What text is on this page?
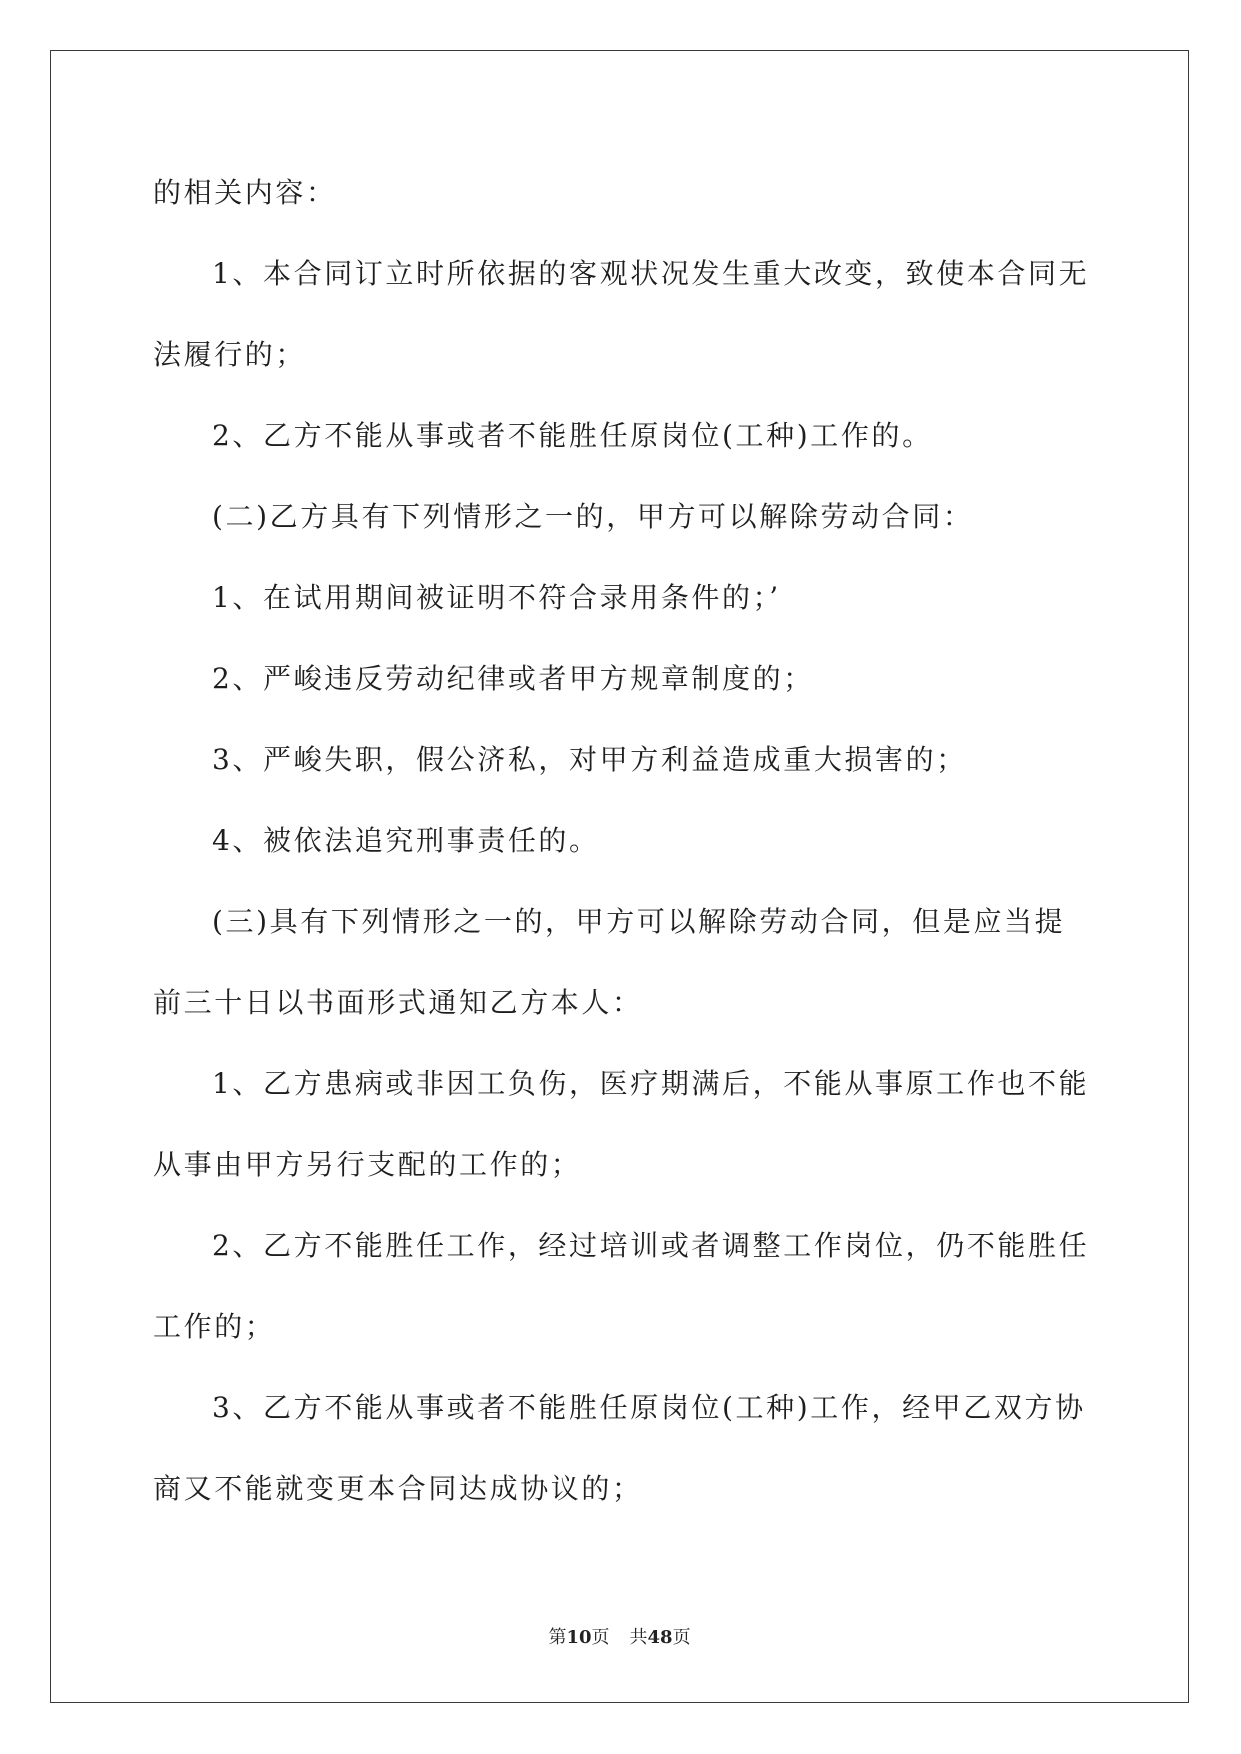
的相关内容：
1、本合同订立时所依据的客观状况发生重大改变，致使本合同无
法履行的；
2、乙方不能从事或者不能胜任原岗位(工种)工作的。
(二)乙方具有下列情形之一的，甲方可以解除劳动合同：
1、在试用期间被证明不符合录用条件的；’
2、严峻违反劳动纪律或者甲方规章制度的；
3、严峻失职，假公济私，对甲方利益造成重大损害的；
4、被依法追究刑事责任的。
(三)具有下列情形之一的，甲方可以解除劳动合同，但是应当提
前三十日以书面形式通知乙方本人：
1、乙方患病或非因工负伤，医疗期满后，不能从事原工作也不能
从事由甲方另行支配的工作的；
2、乙方不能胜任工作，经过培训或者调整工作岗位，仍不能胜任
工作的；
3、乙方不能从事或者不能胜任原岗位(工种)工作，经甲乙双方协
商又不能就变更本合同达成协议的；
第10页 共48页
